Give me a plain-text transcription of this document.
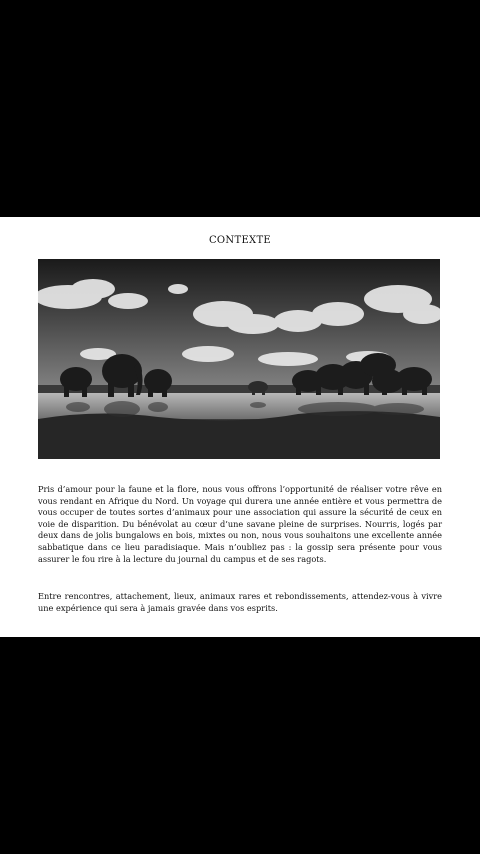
CONTEXTE

Pris d’amour pour la faune et la flore, nous vous offrons l’opportunité de réaliser votre rêve en vous rendant en Afrique du Nord. Un voyage qui durera une année entière et vous permettra de vous occuper de toutes sortes d’animaux pour une association qui assure la sécurité de ceux en voie de disparition. Du bénévolat au cœur d’une savane pleine de surprises. Nourris, logés par deux dans de jolis bungalows en bois, mixtes ou non, nous vous souhaitons une excellente année sabbatique dans ce lieu paradisiaque. Mais n’oubliez pas : la gossip sera présente pour vous assurer le fou rire à la lecture du journal du campus et de ses ragots.

Entre rencontres, attachement, lieux, animaux rares et rebondissements, attendez-vous à vivre une expérience qui sera à jamais gravée dans vos esprits.
